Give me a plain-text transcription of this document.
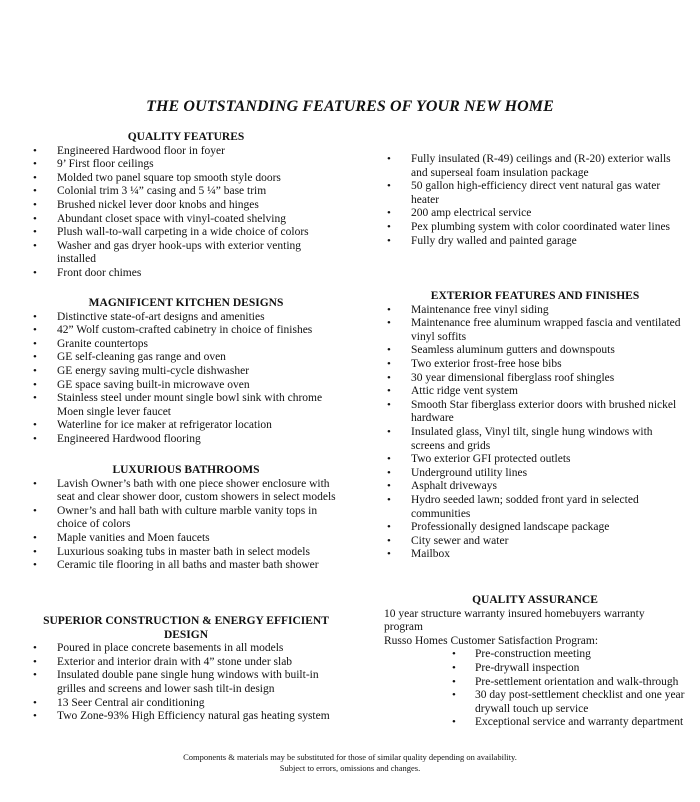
THE OUTSTANDING FEATURES OF YOUR NEW HOME
QUALITY FEATURES
• Engineered Hardwood floor in foyer
• 9’ First floor ceilings
• Molded two panel square top smooth style doors
• Colonial trim 3 ¼” casing and 5 ¼” base trim
• Brushed nickel lever door knobs and hinges
• Abundant closet space with vinyl-coated shelving
• Plush wall-to-wall carpeting in a wide choice of colors
• Washer and gas dryer hook-ups with exterior venting installed
• Front door chimes
MAGNIFICENT KITCHEN DESIGNS
• Distinctive state-of-art designs and amenities
• 42” Wolf custom-crafted cabinetry in choice of finishes
• Granite countertops
• GE self-cleaning gas range and oven
• GE energy saving multi-cycle dishwasher
• GE space saving built-in microwave oven
• Stainless steel under mount single bowl sink with chrome Moen single lever faucet
• Waterline for ice maker at refrigerator location
• Engineered Hardwood flooring
LUXURIOUS BATHROOMS
• Lavish Owner’s bath with one piece shower enclosure with seat and clear shower door, custom showers in select models
• Owner’s and hall bath with culture marble vanity tops in choice of colors
• Maple vanities and Moen faucets
• Luxurious soaking tubs in master bath in select models
• Ceramic tile flooring in all baths and master bath shower
SUPERIOR CONSTRUCTION & ENERGY EFFICIENT DESIGN
• Poured in place concrete basements in all models
• Exterior and interior drain with 4” stone under slab
• Insulated double pane single hung windows with built-in grilles and screens and lower sash tilt-in design
• 13 Seer Central air conditioning
• Two Zone-93% High Efficiency natural gas heating system
• Fully insulated (R-49) ceilings and (R-20) exterior walls and superseal foam insulation package
• 50 gallon high-efficiency direct vent natural gas water heater
• 200 amp electrical service
• Pex plumbing system with color coordinated water lines
• Fully dry walled and painted garage
EXTERIOR FEATURES AND FINISHES
• Maintenance free vinyl siding
• Maintenance free aluminum wrapped fascia and ventilated vinyl soffits
• Seamless aluminum gutters and downspouts
• Two exterior frost-free hose bibs
• 30 year dimensional fiberglass roof shingles
• Attic ridge vent system
• Smooth Star fiberglass exterior doors with brushed nickel hardware
• Insulated glass, Vinyl tilt, single hung windows with screens and grids
• Two exterior GFI protected outlets
• Underground utility lines
• Asphalt driveways
• Hydro seeded lawn; sodded front yard in selected communities
• Professionally designed landscape package
• City sewer and water
• Mailbox
QUALITY ASSURANCE
10 year structure warranty insured homebuyers warranty program
Russo Homes Customer Satisfaction Program:
• Pre-construction meeting
• Pre-drywall inspection
• Pre-settlement orientation and walk-through
• 30 day post-settlement checklist and one year drywall touch up service
• Exceptional service and warranty department
Components & materials may be substituted for those of similar quality depending on availability.
Subject to errors, omissions and changes.
